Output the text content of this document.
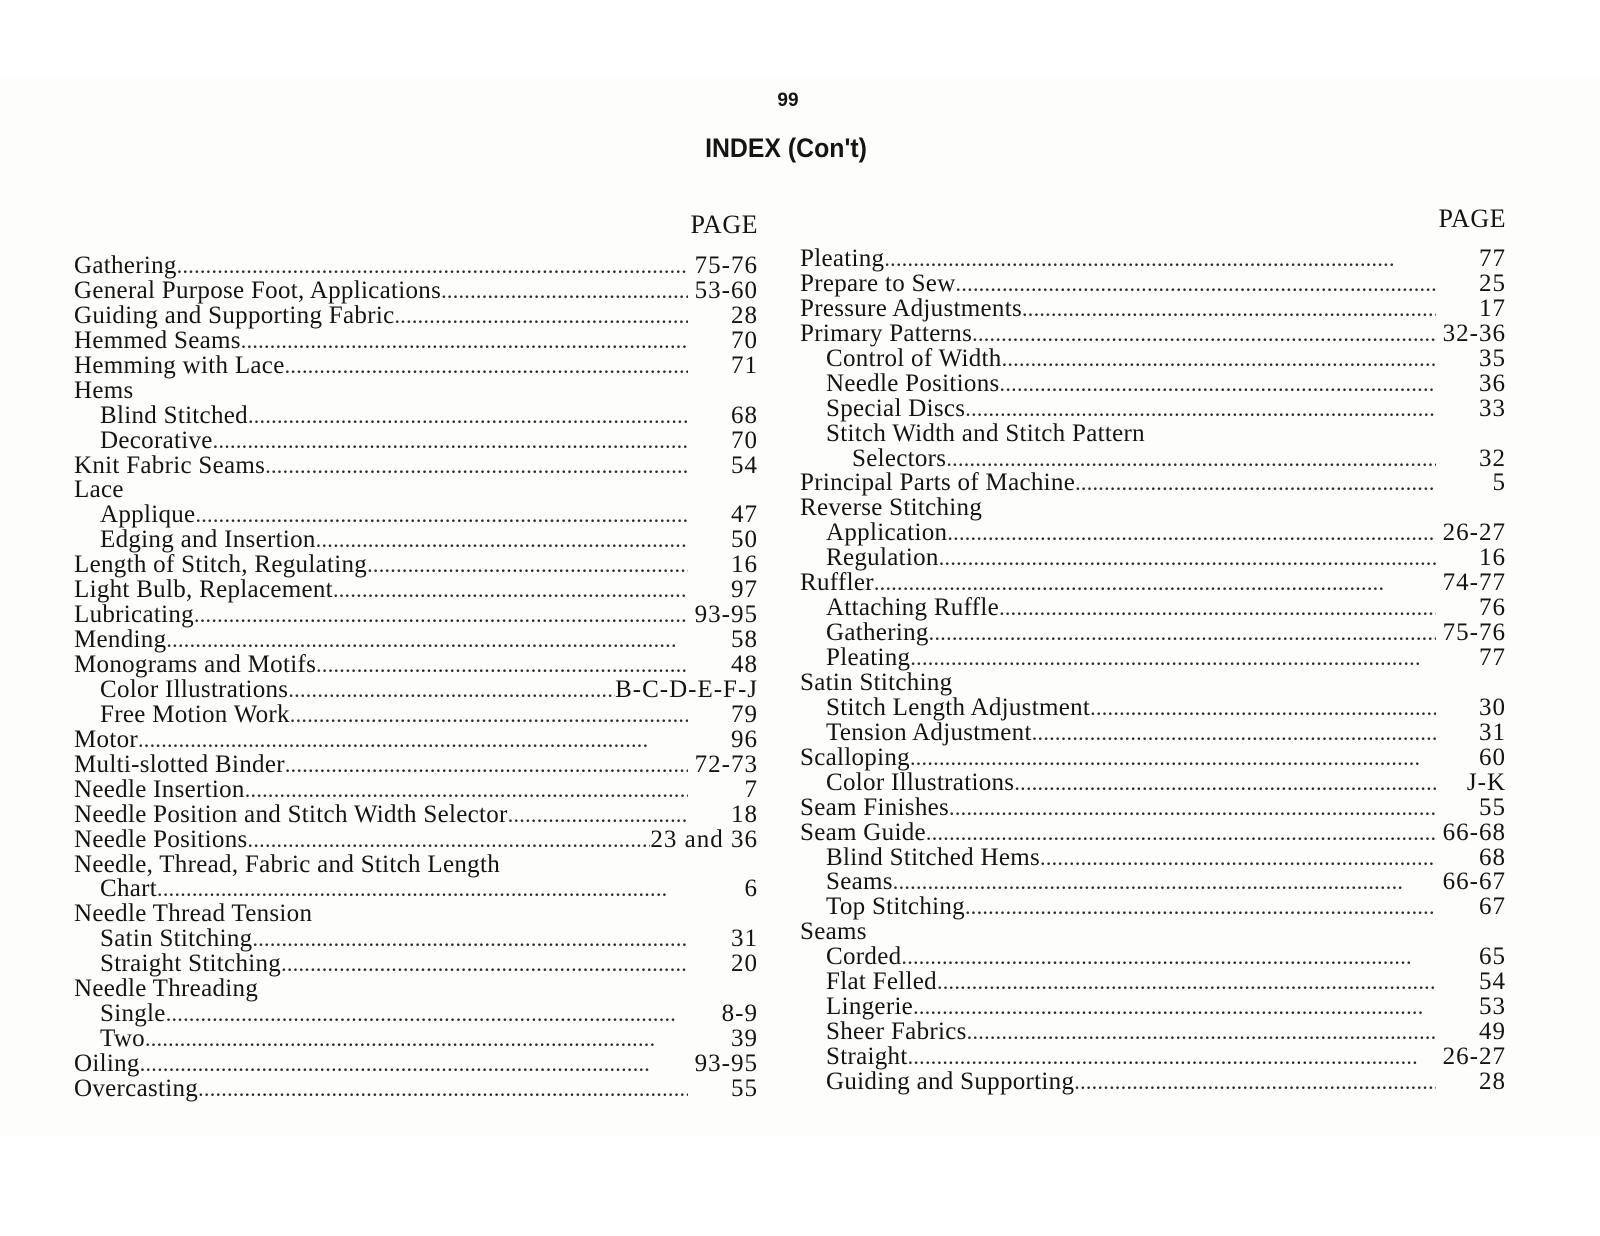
99
INDEX (Con't)
PAGE
Gathering . . .	75-76
General Purpose Foot, Applications . . .	53-60
Guiding and Supporting Fabric . . .	28
Hemmed Seams . . .	70
Hemming with Lace . . .	71
Hems
Blind Stitched . . .	68
Decorative . . .	70
Knit Fabric Seams . . .	54
Lace
Applique . . .	47
Edging and Insertion . . .	50
Length of Stitch, Regulating . . .	16
Light Bulb, Replacement . . .	97
Lubricating . . .	93-95
Mending . . .	58
Monograms and Motifs . . .	48
Color Illustrations . . .	B-C-D-E-F-J
Free Motion Work . . .	79
Motor . . .	96
Multi-slotted Binder . . .	72-73
Needle Insertion . . .	7
Needle Position and Stitch Width Selector . . .	18
Needle Positions . . .	23 and 36
Needle, Thread, Fabric and Stitch Length
Chart . . .	6
Needle Thread Tension
Satin Stitching . . .	31
Straight Stitching . . .	20
Needle Threading
Single . . .	8-9
Two . . .	39
Oiling . . .	93-95
Overcasting . . .	55
PAGE
Pleating . . .	77
Prepare to Sew . . .	25
Pressure Adjustments . . .	17
Primary Patterns . . .	32-36
Control of Width . . .	35
Needle Positions . . .	36
Special Discs . . .	33
Stitch Width and Stitch Pattern
Selectors . . .	32
Principal Parts of Machine . . .	5
Reverse Stitching
Application . . .	26-27
Regulation . . .	16
Ruffler . . .	74-77
Attaching Ruffle . . .	76
Gathering . . .	75-76
Pleating . . .	77
Satin Stitching
Stitch Length Adjustment . . .	30
Tension Adjustment . . .	31
Scalloping . . .	60
Color Illustrations . . .	J-K
Seam Finishes . . .	55
Seam Guide . . .	66-68
Blind Stitched Hems . . .	68
Seams . . .	66-67
Top Stitching . . .	67
Seams
Corded . . .	65
Flat Felled . . .	54
Lingerie . . .	53
Sheer Fabrics . . .	49
Straight . . .	26-27
Guiding and Supporting . . .	28
